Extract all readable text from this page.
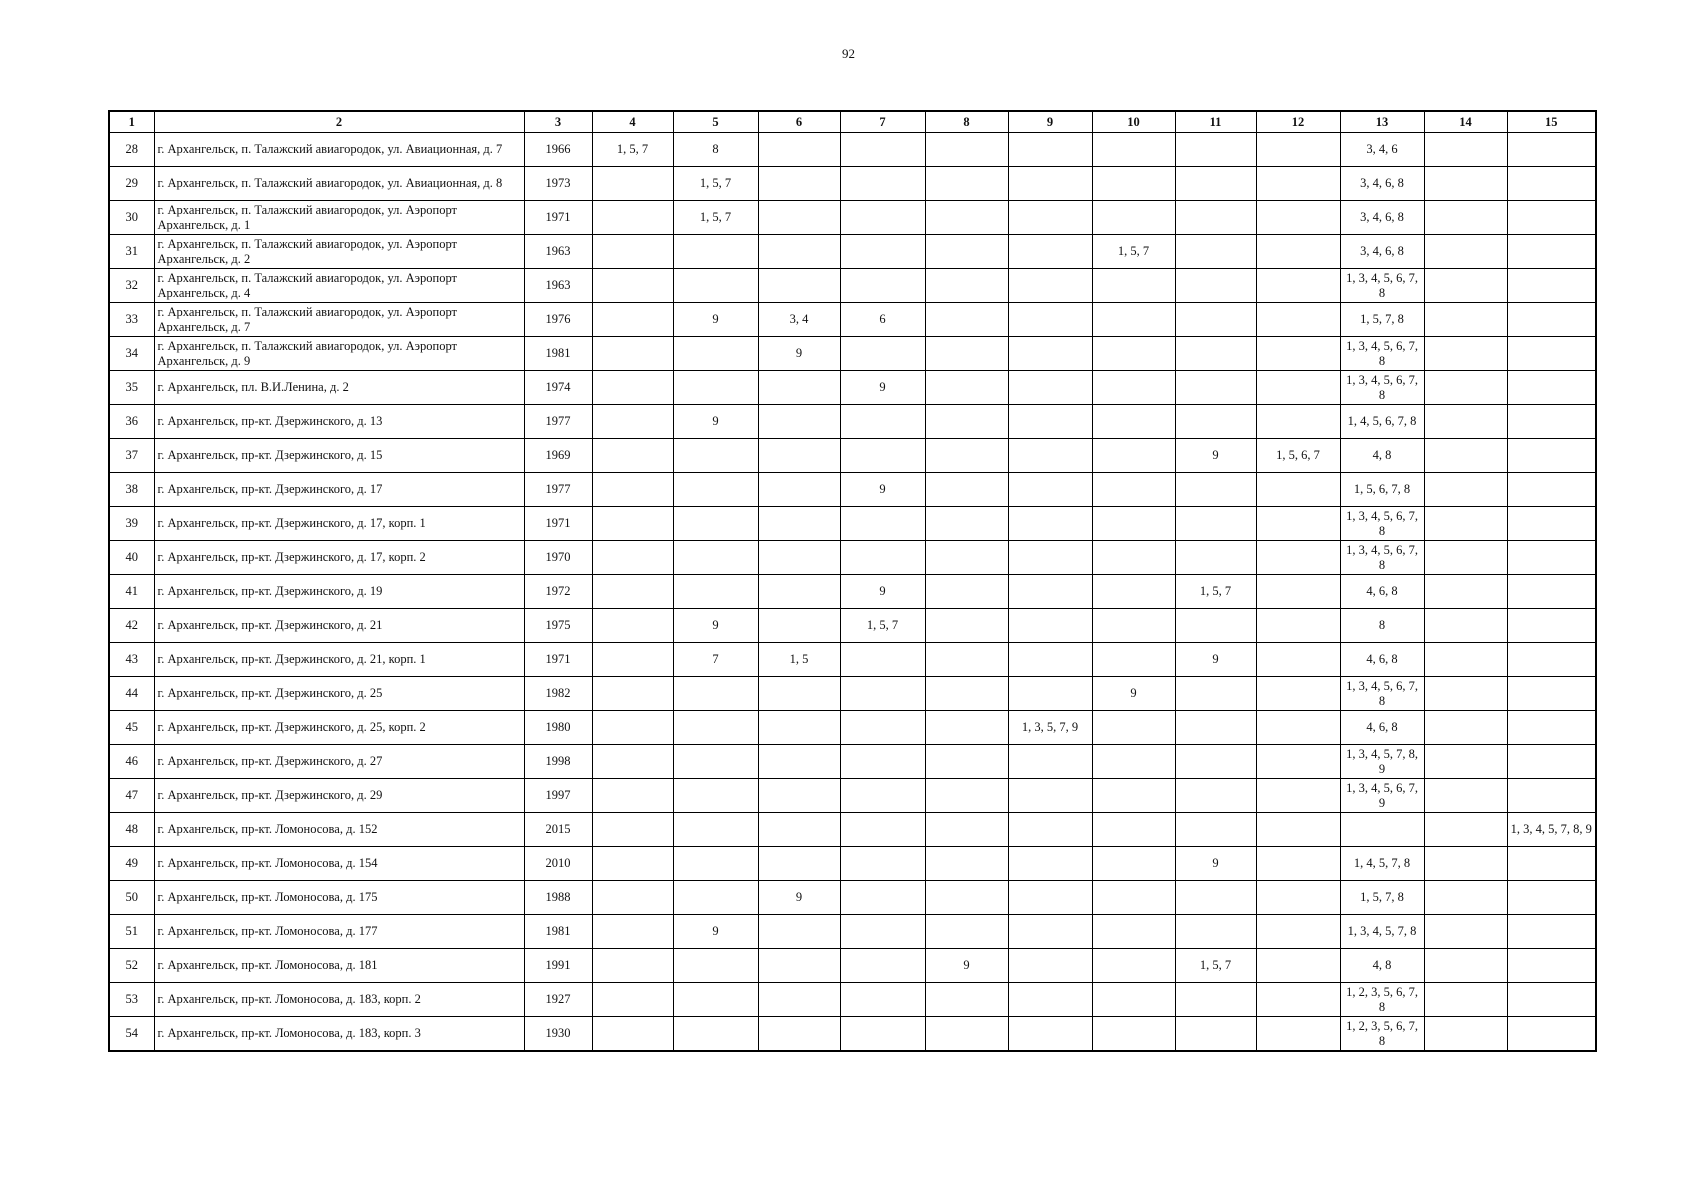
92
1	2	3	4	5	6	7	8	9	10	11	12	13	14	15
28	г. Архангельск, п. Талажский авиагородок, ул. Авиационная, д. 7	1966	1, 5, 7	8								3, 4, 6		
29	г. Архангельск, п. Талажский авиагородок, ул. Авиационная, д. 8	1973		1, 5, 7								3, 4, 6, 8		
30	г. Архангельск, п. Талажский авиагородок, ул. Аэропорт Архангельск, д. 1	1971		1, 5, 7								3, 4, 6, 8		
31	г. Архангельск, п. Талажский авиагородок, ул. Аэропорт Архангельск, д. 2	1963							1, 5, 7			3, 4, 6, 8		
32	г. Архангельск, п. Талажский авиагородок, ул. Аэропорт Архангельск, д. 4	1963										1, 3, 4, 5, 6, 7, 8		
33	г. Архангельск, п. Талажский авиагородок, ул. Аэропорт Архангельск, д. 7	1976		9	3, 4	6						1, 5, 7, 8		
34	г. Архангельск, п. Талажский авиагородок, ул. Аэропорт Архангельск, д. 9	1981			9							1, 3, 4, 5, 6, 7, 8		
35	г. Архангельск, пл. В.И.Ленина, д. 2	1974				9						1, 3, 4, 5, 6, 7, 8		
36	г. Архангельск, пр-кт. Дзержинского, д. 13	1977		9								1, 4, 5, 6, 7, 8		
37	г. Архангельск, пр-кт. Дзержинского, д. 15	1969								9	1, 5, 6, 7	4, 8		
38	г. Архангельск, пр-кт. Дзержинского, д. 17	1977				9						1, 5, 6, 7, 8		
39	г. Архангельск, пр-кт. Дзержинского, д. 17, корп. 1	1971										1, 3, 4, 5, 6, 7, 8		
40	г. Архангельск, пр-кт. Дзержинского, д. 17, корп. 2	1970										1, 3, 4, 5, 6, 7, 8		
41	г. Архангельск, пр-кт. Дзержинского, д. 19	1972				9				1, 5, 7		4, 6, 8		
42	г. Архангельск, пр-кт. Дзержинского, д. 21	1975		9		1, 5, 7						8		
43	г. Архангельск, пр-кт. Дзержинского, д. 21, корп. 1	1971		7	1, 5					9		4, 6, 8		
44	г. Архангельск, пр-кт. Дзержинского, д. 25	1982							9			1, 3, 4, 5, 6, 7, 8		
45	г. Архангельск, пр-кт. Дзержинского, д. 25, корп. 2	1980						1, 3, 5, 7, 9				4, 6, 8		
46	г. Архангельск, пр-кт. Дзержинского, д. 27	1998										1, 3, 4, 5, 7, 8, 9		
47	г. Архангельск, пр-кт. Дзержинского, д. 29	1997										1, 3, 4, 5, 6, 7, 9		
48	г. Архангельск, пр-кт. Ломоносова, д. 152	2015												1, 3, 4, 5, 7, 8, 9
49	г. Архангельск, пр-кт. Ломоносова, д. 154	2010								9		1, 4, 5, 7, 8		
50	г. Архангельск, пр-кт. Ломоносова, д. 175	1988			9							1, 5, 7, 8		
51	г. Архангельск, пр-кт. Ломоносова, д. 177	1981		9								1, 3, 4, 5, 7, 8		
52	г. Архангельск, пр-кт. Ломоносова, д. 181	1991					9			1, 5, 7		4, 8		
53	г. Архангельск, пр-кт. Ломоносова, д. 183, корп. 2	1927										1, 2, 3, 5, 6, 7, 8		
54	г. Архангельск, пр-кт. Ломоносова, д. 183, корп. 3	1930										1, 2, 3, 5, 6, 7, 8		
